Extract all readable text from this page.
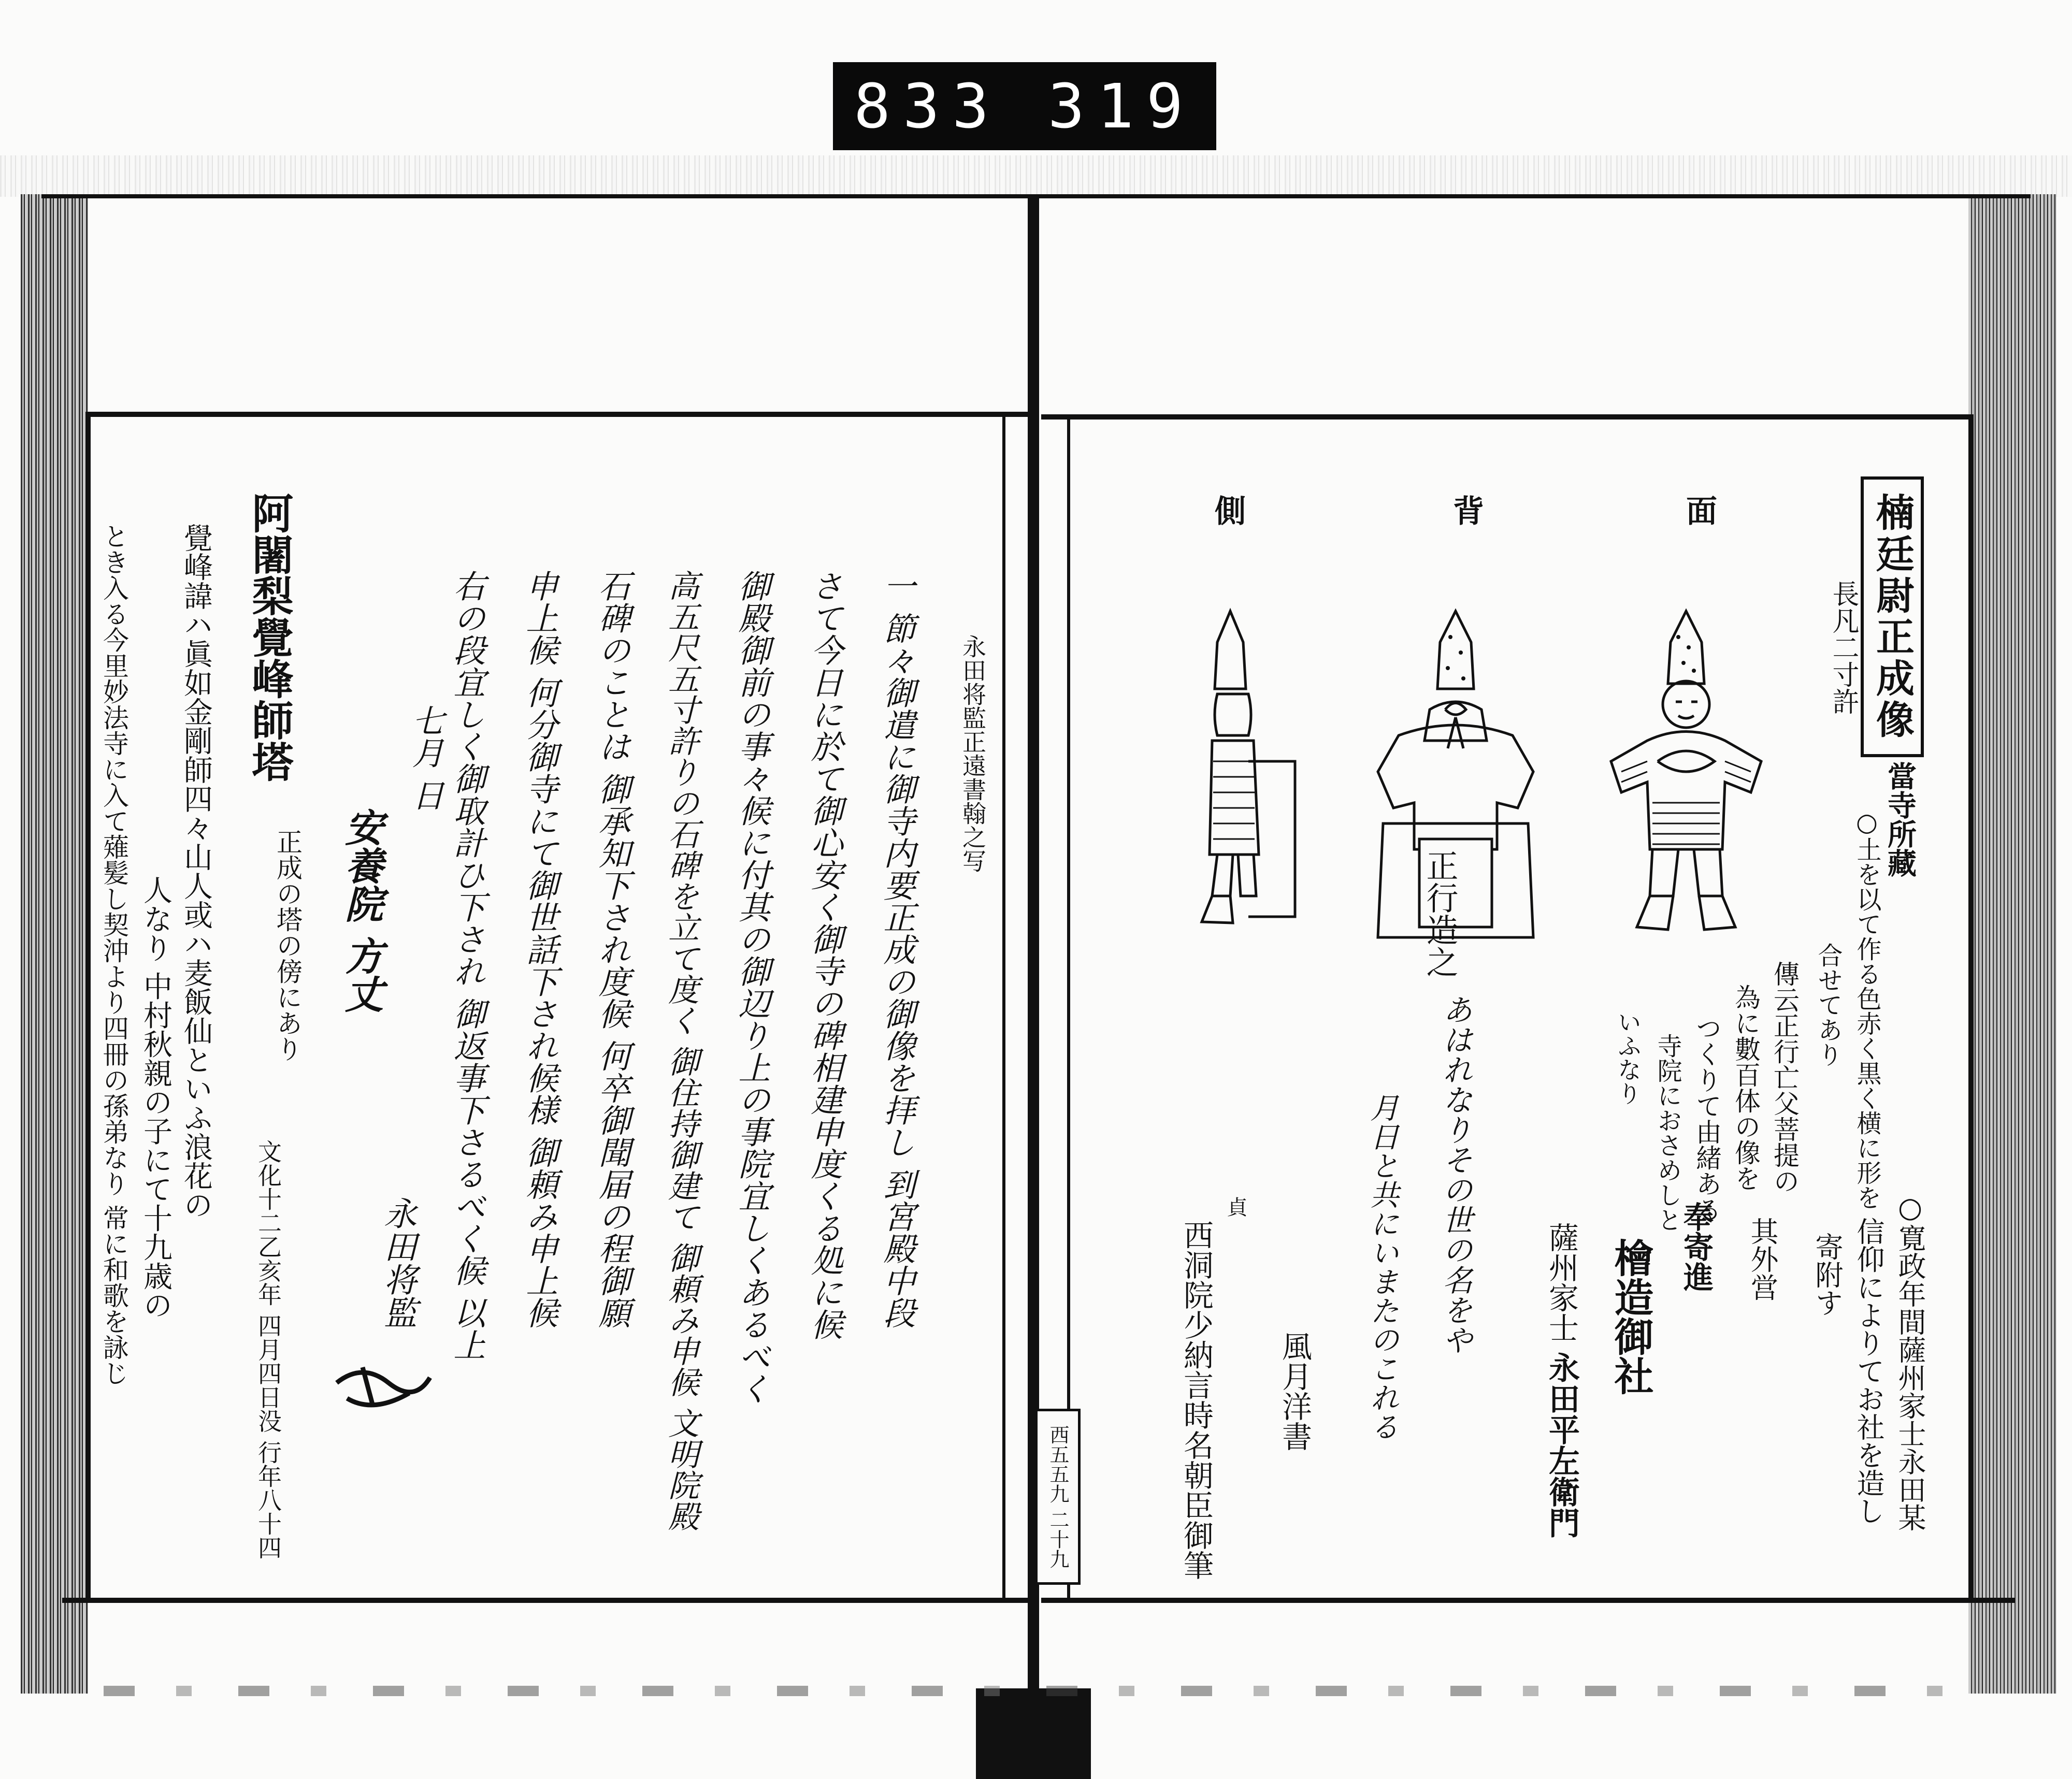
833 319
楠廷尉正成像
長凡二寸許
當寺所藏
面
背
側
正行造之	○土を以て作る色赤く黒く横に形を
合せてあり
傳云正行亡父菩提の
為に數百体の像を
つくりて由緒ある
寺院におさめしと
いふなり
あはれなりその世の名をや
月日と共にいまたのこれる
風月洋書
貞
西洞院少納言時名朝臣御筆	○寛政年間薩州家士永田某
信仰によりてお社を造し
寄附す
其外営
奉寄進
檜造御社
薩州家士
永田平左衛門
西五五九 二十九
永田将監正遠書翰之写
一 節々御遣に御寺内要正成の御像を拝し 到宮殿中段
さて今日に於て御心安く御寺の碑相建申度くる処に候
御殿御前の事々候に付其の御辺り上の事院宜しくあるべく
高五尺五寸許りの石碑を立て度く 御住持御建て 御頼み申候 文明院殿
石碑のことは 御承知下され度候 何卒御聞届の程御願
申上候 何分御寺にて御世話下され候様 御頼み申上候
右の段宜しく御取計ひ下され 御返事下さるべく候 以上
七月 日
安養院 方丈
永田将監
阿闍梨覺峰師塔
正成の塔の傍にあり
文化十二乙亥年 四月四日没 行年八十四
覺峰諱ハ眞如金剛師四々山人或ハ麦飯仙といふ浪花の
人なり 中村秋親の子にて十九歳の
とき入る今里妙法寺に入て薙髪し契沖より四冊の孫弟なり 常に和歌を詠じ
